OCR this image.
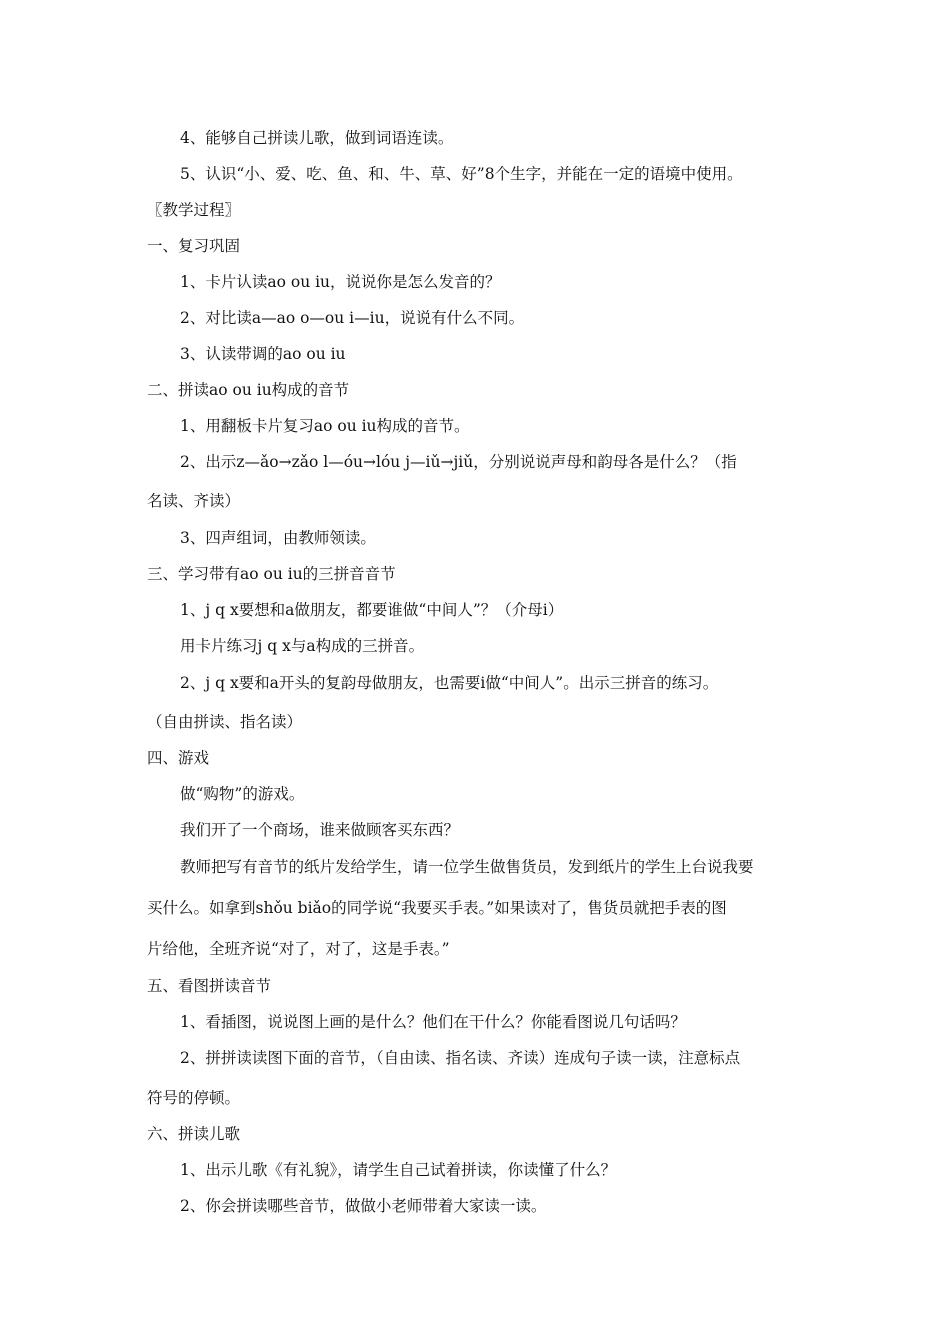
4、能够自己拼读儿歌，做到词语连读。
5、认识“小、爱、吃、鱼、和、牛、草、好”8个生字，并能在一定的语境中使用。
〖教学过程〗
一、复习巩固
1、卡片认读ao ou iu，说说你是怎么发音的？
2、对比读a—ao o—ou i—iu，说说有什么不同。
3、认读带调的ao ou iu
二、拼读ao ou iu构成的音节
1、用翻板卡片复习ao ou iu构成的音节。
2、出示z—ǎo→zǎo l—óu→lóu j—iǔ→jiǔ，分别说说声母和韵母各是什么？（指
名读、齐读）
3、四声组词，由教师领读。
三、学习带有ao ou iu的三拼音音节
1、j q x要想和a做朋友，都要谁做“中间人”？（介母i）
用卡片练习j q x与a构成的三拼音。
2、j q x要和a开头的复韵母做朋友，也需要i做“中间人”。出示三拼音的练习。
（自由拼读、指名读）
四、游戏
做“购物”的游戏。
我们开了一个商场，谁来做顾客买东西？
教师把写有音节的纸片发给学生，请一位学生做售货员，发到纸片的学生上台说我要
买什么。如拿到shǒu biǎo的同学说“我要买手表。”如果读对了，售货员就把手表的图
片给他，全班齐说“对了，对了，这是手表。”
五、看图拼读音节
1、看插图，说说图上画的是什么？他们在干什么？你能看图说几句话吗？
2、拼拼读读图下面的音节，（自由读、指名读、齐读）连成句子读一读，注意标点
符号的停顿。
六、拼读儿歌
1、出示儿歌《有礼貌》，请学生自己试着拼读，你读懂了什么？
2、你会拼读哪些音节，做做小老师带着大家读一读。
